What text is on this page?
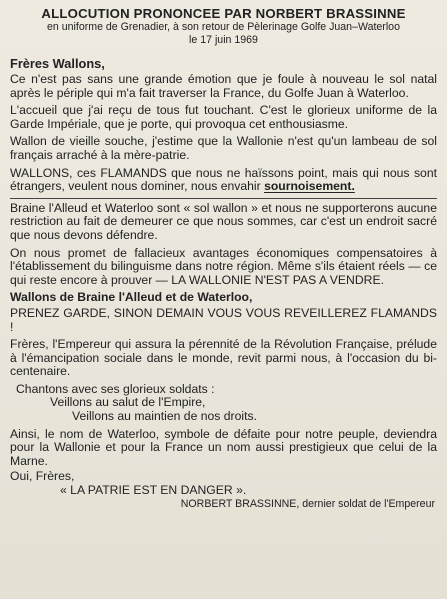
ALLOCUTION PRONONCEE PAR NORBERT BRASSINNE
en uniforme de Grenadier, à son retour de Pèlerinage Golfe Juan–Waterloo
le 17 juin 1969
Frères Wallons,

Ce n'est pas sans une grande émotion que je foule à nouveau le sol natal après le périple qui m'a fait traverser la France, du Golfe Juan à Waterloo.

L'accueil que j'ai reçu de tous fut touchant. C'est le glorieux uniforme de la Garde Impériale, que je porte, qui provoqua cet enthousiasme.

Wallon de vieille souche, j'estime que la Wallonie n'est qu'un lambeau de sol français arraché à la mère-patrie.

WALLONS, ces FLAMANDS que nous ne haïssons point, mais qui nous sont étrangers, veulent nous dominer, nous envahir sournoisement.

Braine l'Alleud et Waterloo sont « sol wallon » et nous ne supporterons aucune restriction au fait de demeurer ce que nous sommes, car c'est un endroit sacré que nous devons défendre.

On nous promet de fallacieux avantages économiques compensatoires à l'établissement du bilinguisme dans notre région. Même s'ils étaient réels — ce qui reste encore à prouver — LA WALLONIE N'EST PAS A VENDRE.

Wallons de Braine l'Alleud et de Waterloo,

PRENEZ GARDE, SINON DEMAIN VOUS VOUS REVEILLEREZ FLAMANDS !

Frères, l'Empereur qui assura la pérennité de la Révolution Française, prélude à l'émancipation sociale dans le monde, revit parmi nous, à l'occasion du bi-centenaire.

Chantons avec ses glorieux soldats :
Veillons au salut de l'Empire,
Veillons au maintien de nos droits.

Ainsi, le nom de Waterloo, symbole de défaite pour notre peuple, deviendra pour la Wallonie et pour la France un nom aussi prestigieux que celui de la Marne.

Oui, Frères,
« LA PATRIE EST EN DANGER ».
NORBERT BRASSINNE, dernier soldat de l'Empereur
